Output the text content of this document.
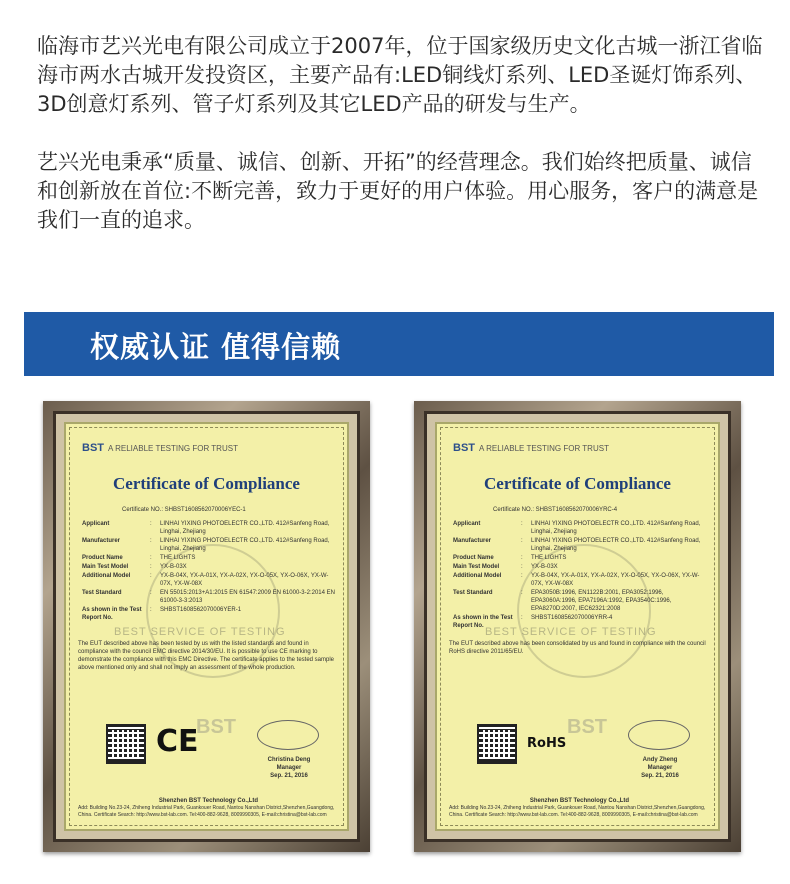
临海市艺兴光电有限公司成立于2007年，位于国家级历史文化古城一浙江省临海市两水古城开发投资区，主要产品有:LED铜线灯系列、LED圣诞灯饰系列、3D创意灯系列、管子灯系列及其它LED产品的研发与生产。

艺兴光电秉承“质量、诚信、创新、开拓”的经营理念。我们始终把质量、诚信和创新放在首位:不断完善，致力于更好的用户体验。用心服务，客户的满意是我们一直的追求。

权威认证 值得信赖
BST A RELIABLE TESTING FOR TRUST
Certificate of Compliance
BEST SERVICE OF TESTING
Certificate NO.: SHBST1608562070006YEC-1
Applicant	:	LINHAI YIXING PHOTOELECTR CO.,LTD. 412#Sanfeng Road, Linghai, Zhejiang
Manufacturer	:	LINHAI YIXING PHOTOELECTR CO.,LTD. 412#Sanfeng Road, Linghai, Zhejiang
Product Name	:	THE LIGHTS
Main Test Model	:	YX-B-03X
Additional Model	:	YX-B-04X, YX-A-01X, YX-A-02X, YX-O-05X, YX-O-06X, YX-W-07X, YX-W-08X
Test Standard	:	EN 55015:2013+A1:2015 EN 61547:2009 EN 61000-3-2:2014 EN 61000-3-3:2013
As shown in the Test Report No.
:	SHBST1608562070006YER-1
The EUT described above has been tested by us with the listed standards and found in compliance with the council EMC directive 2014/30/EU. It is possible to use CE marking to demonstrate the compliance with this EMC Directive. The certificate applies to the tested sample above mentioned only and shall not imply an assessment of the whole production.
CE
BST
Christina Deng
Manager
Sep. 21, 2016
Shenzhen BST Technology Co.,Ltd
Add: Building No.23-24, Zhiheng Industrial Park, Guankouer Road, Nantou Nanshan District,Shenzhen,Guangdong, China. Certificate Search: http://www.bst-lab.com. Tel:400-882-9628, 8009990305, E-mail:christina@bst-lab.com
BST A RELIABLE TESTING FOR TRUST
Certificate of Compliance
BEST SERVICE OF TESTING
Certificate NO.: SHBST1608562070006YRC-4
Applicant	:	LINHAI YIXING PHOTOELECTR CO.,LTD. 412#Sanfeng Road, Linghai, Zhejiang
Manufacturer	:	LINHAI YIXING PHOTOELECTR CO.,LTD. 412#Sanfeng Road, Linghai, Zhejiang
Product Name	:	THE LIGHTS
Main Test Model	:	YX-B-03X
Additional Model	:	YX-B-04X, YX-A-01X, YX-A-02X, YX-O-05X, YX-O-06X, YX-W-07X, YX-W-08X
Test Standard	:	EPA3050B:1996, EN1122B:2001, EPA3052:1996, EPA3060A:1996, EPA7196A:1992, EPA3540C:1996, EPA8270D:2007, IEC62321:2008
As shown in the Test Report No.
:	SHBST1608562070006YRR-4
The EUT described above has been consolidated by us and found in compliance with the council RoHS directive 2011/65/EU.
RoHS
BST
Andy Zheng
Manager
Sep. 21, 2016
Shenzhen BST Technology Co.,Ltd
Add: Building No.23-24, Zhiheng Industrial Park, Guankouer Road, Nantou Nanshan District,Shenzhen,Guangdong, China. Certificate Search: http://www.bst-lab.com. Tel:400-882-9628, 8009990305, E-mail:christina@bst-lab.com
